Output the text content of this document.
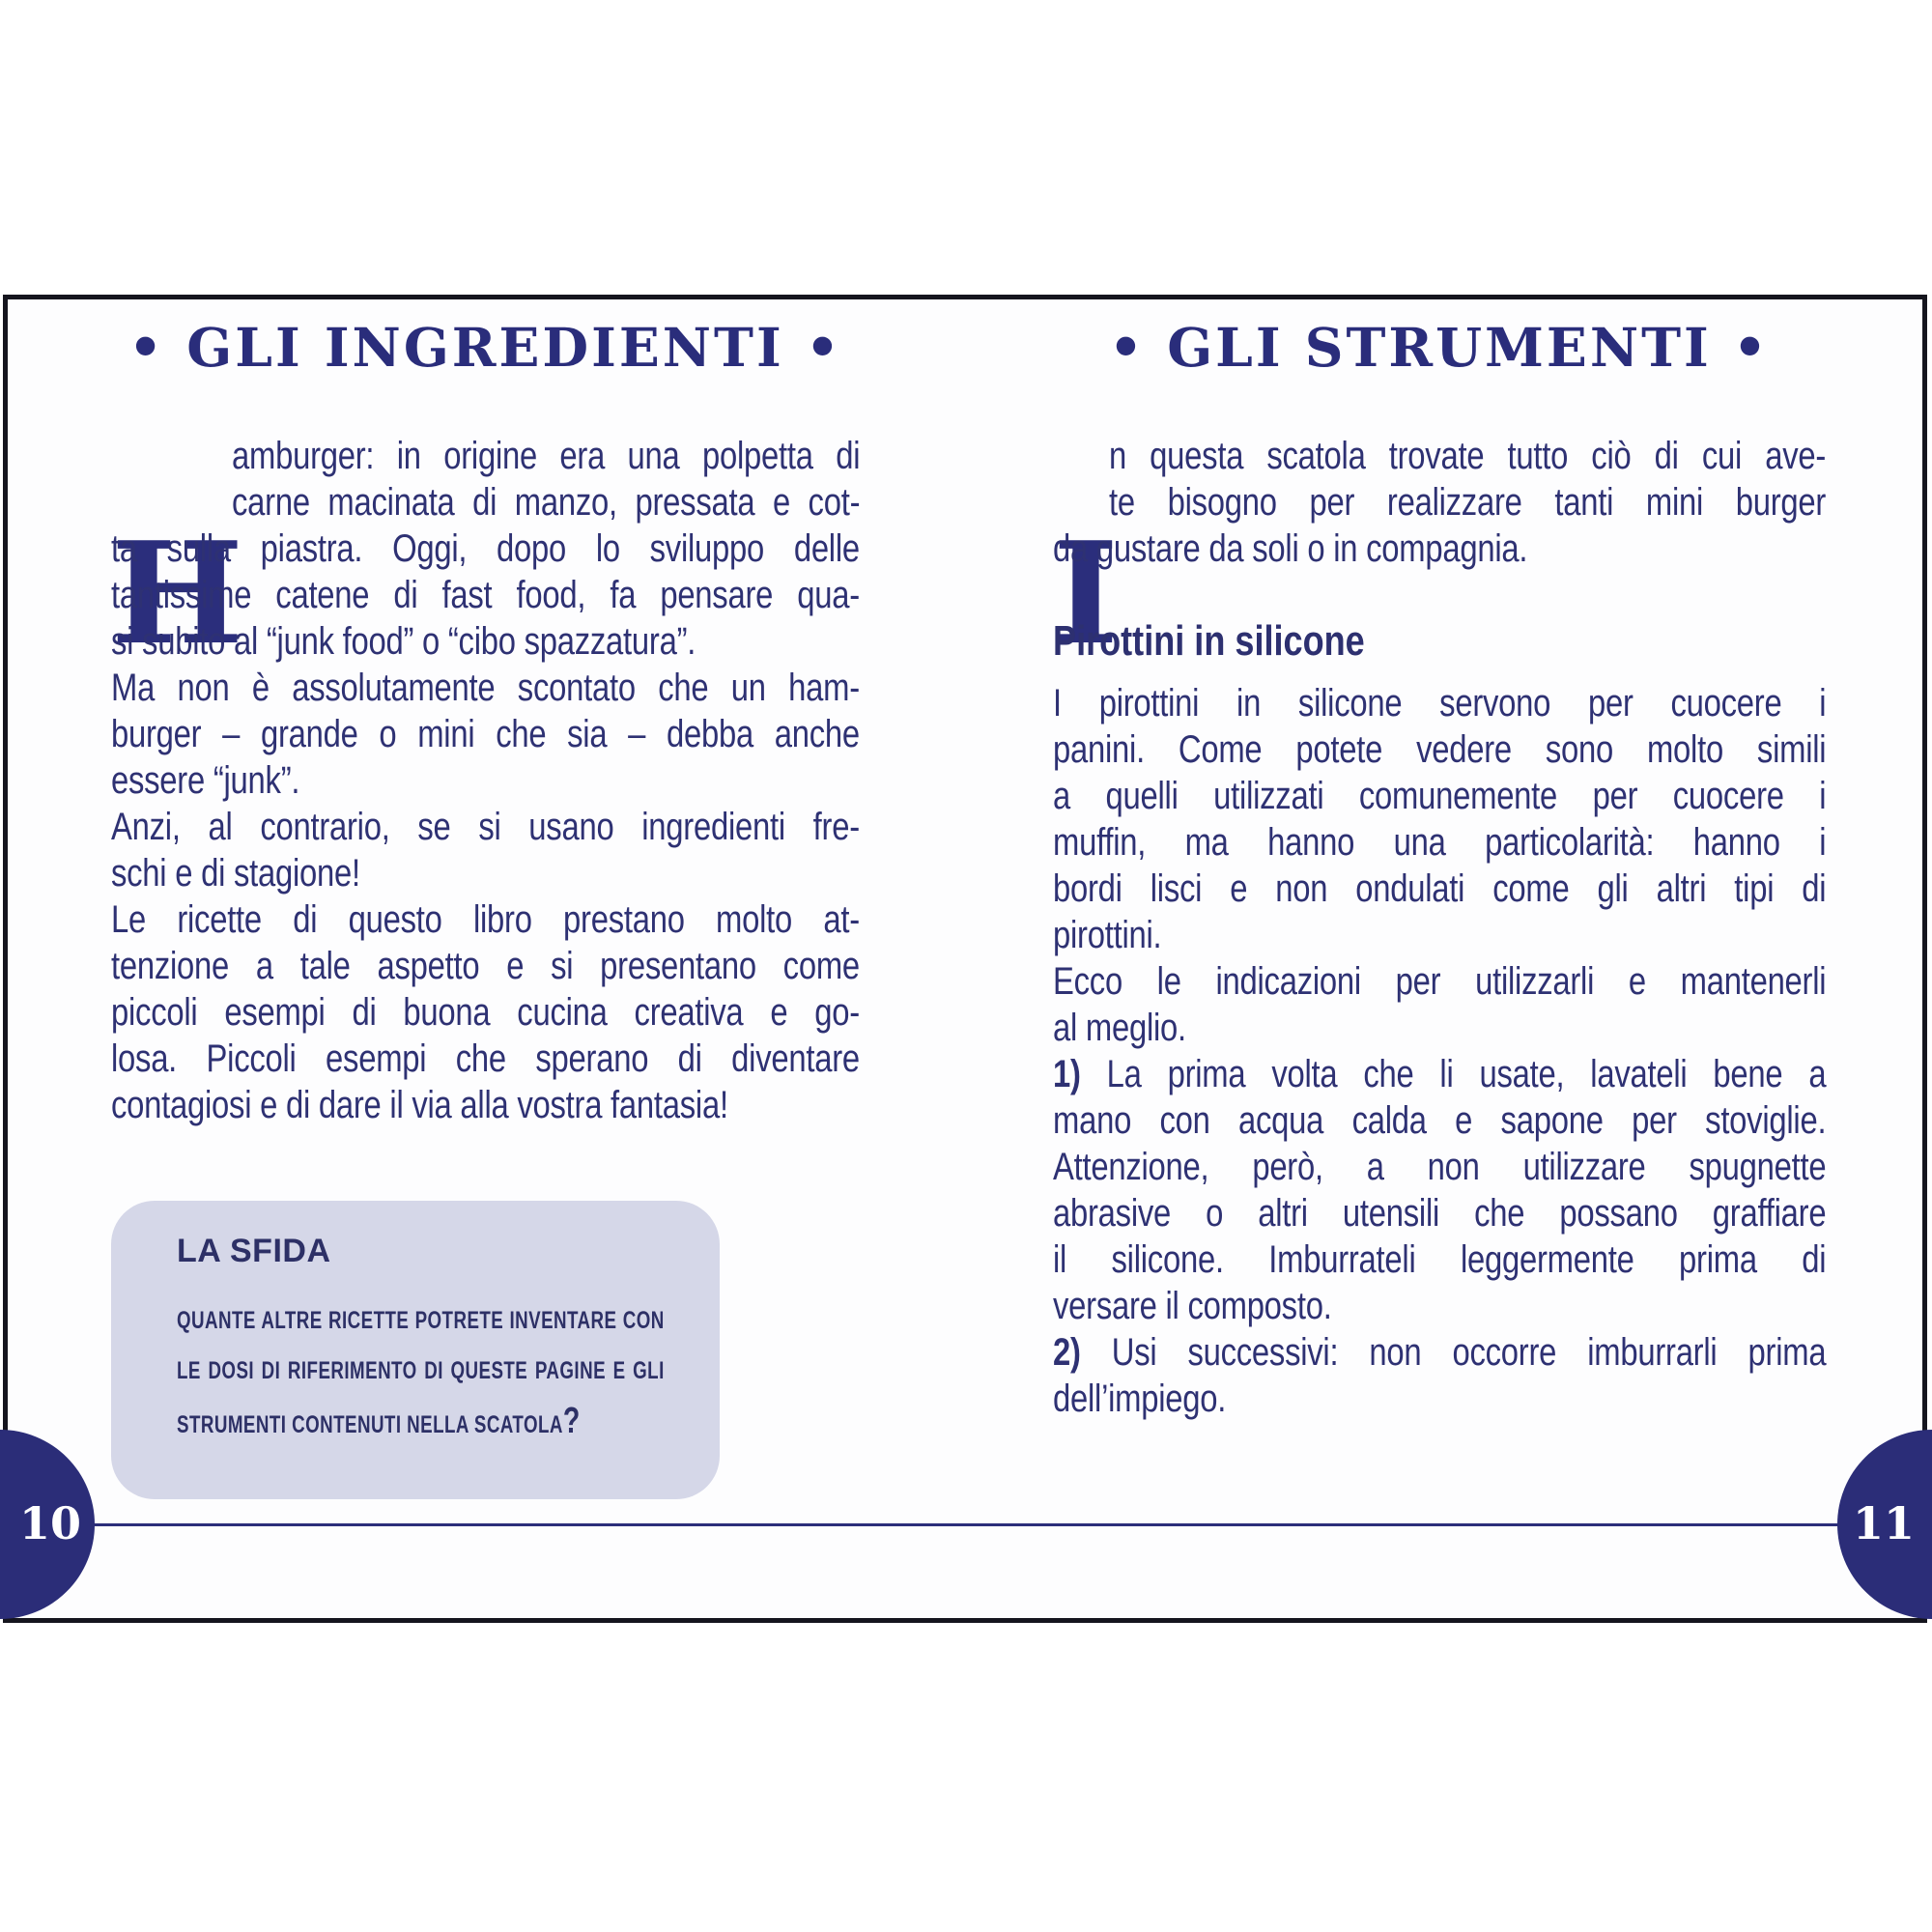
• GLI INGREDIENTI •
H
amburger: in origine era una polpetta di
carne macinata di manzo, pressata e cot-
ta sulla piastra. Oggi, dopo lo sviluppo delle
tantissime catene di fast food, fa pensare qua-
si subito al “junk food” o “cibo spazzatura”.
Ma non è assolutamente scontato che un ham-
burger – grande o mini che sia – debba anche
essere “junk”.
Anzi, al contrario, se si usano ingredienti fre-
schi e di stagione!
Le ricette di questo libro prestano molto at-
tenzione a tale aspetto e si presentano come
piccoli esempi di buona cucina creativa e go-
losa. Piccoli esempi che sperano di diventare
contagiosi e di dare il via alla vostra fantasia!
LA SFIDA
QUANTE ALTRE RICETTE POTRETE INVENTARE CON
LE DOSI DI RIFERIMENTO DI QUESTE PAGINE E GLI
STRUMENTI CONTENUTI NELLA SCATOLA?
• GLI STRUMENTI •
I
n questa scatola trovate tutto ciò di cui ave-
te bisogno per realizzare tanti mini burger
da gustare da soli o in compagnia.
Pirottini in silicone
I pirottini in silicone servono per cuocere i
panini. Come potete vedere sono molto simili
a quelli utilizzati comunemente per cuocere i
muffin, ma hanno una particolarità: hanno i
bordi lisci e non ondulati come gli altri tipi di
pirottini.
Ecco le indicazioni per utilizzarli e mantenerli
al meglio.
1) La prima volta che li usate, lavateli bene a
mano con acqua calda e sapone per stoviglie.
Attenzione, però, a non utilizzare spugnette
abrasive o altri utensili che possano graffiare
il silicone. Imburrateli leggermente prima di
versare il composto.
2) Usi successivi: non occorre imburrarli prima
dell’impiego.
10	11
